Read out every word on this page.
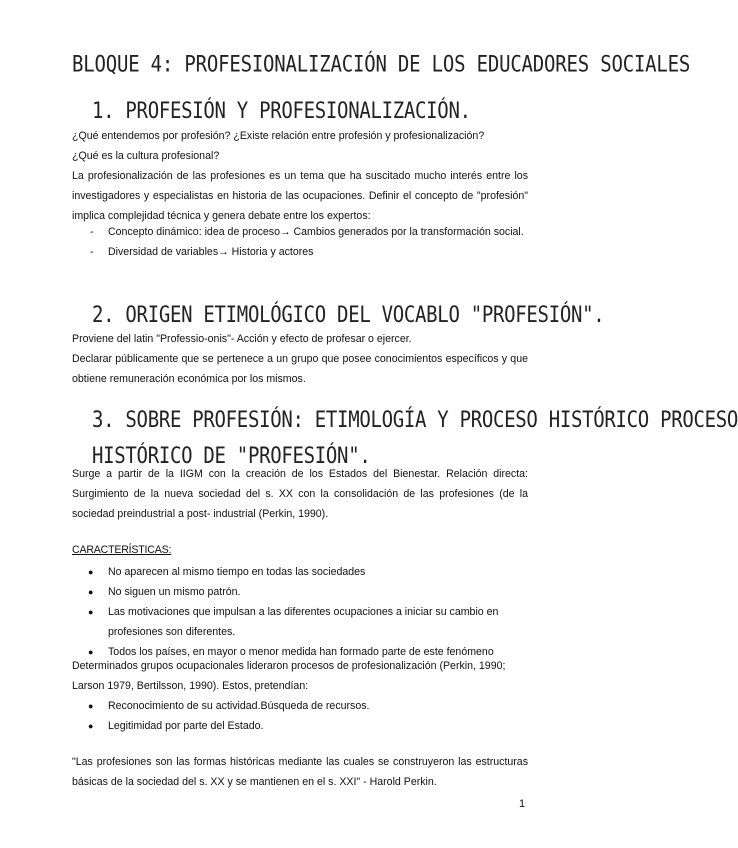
BLOQUE 4: PROFESIONALIZACIÓN DE LOS EDUCADORES SOCIALES
1. PROFESIÓN Y PROFESIONALIZACIÓN.

¿Qué entendemos por profesión? ¿Existe relación entre profesión y profesionalización?

¿Qué es la cultura profesional?

La profesionalización de las profesiones es un tema que ha suscitado mucho interés entre los investigadores y especialistas en historia de las ocupaciones. Definir el concepto de "profesión" implica complejidad técnica y genera debate entre los expertos:

- Concepto dinámico: idea de proceso→ Cambios generados por la transformación social.
- Diversidad de variables→ Historia y actores
2. ORIGEN ETIMOLÓGICO DEL VOCABLO "PROFESIÓN".

Proviene del latin "Professio-onis"- Acción y efecto de profesar o ejercer.

Declarar públicamente que se pertenece a un grupo que posee conocimientos específicos y que obtiene remuneración económica por los mismos.

3. SOBRE PROFESIÓN: ETIMOLOGÍA Y PROCESO HISTÓRICO PROCESO
HISTÓRICO DE "PROFESIÓN".

Surge a partir de la IIGM con la creación de los Estados del Bienestar. Relación directa: Surgimiento de la nueva sociedad del s. XX con la consolidación de las profesiones (de la sociedad preindustrial a post- industrial (Perkin, 1990).

CARACTERÍSTICAS:
● No aparecen al mismo tiempo en todas las sociedades
● No siguen un mismo patrón.
● Las motivaciones que impulsan a las diferentes ocupaciones a iniciar su cambio en profesiones son diferentes.
● Todos los países, en mayor o menor medida han formado parte de este fenómeno

Determinados grupos ocupacionales lideraron procesos de profesionalización (Perkin, 1990; Larson 1979, Bertilsson, 1990). Estos, pretendían:

● Reconocimiento de su actividad.Búsqueda de recursos.
● Legitimidad por parte del Estado.

"Las profesiones son las formas históricas mediante las cuales se construyeron las estructuras básicas de la sociedad del s. XX y se mantienen en el s. XXI" - Harold Perkin.

1
